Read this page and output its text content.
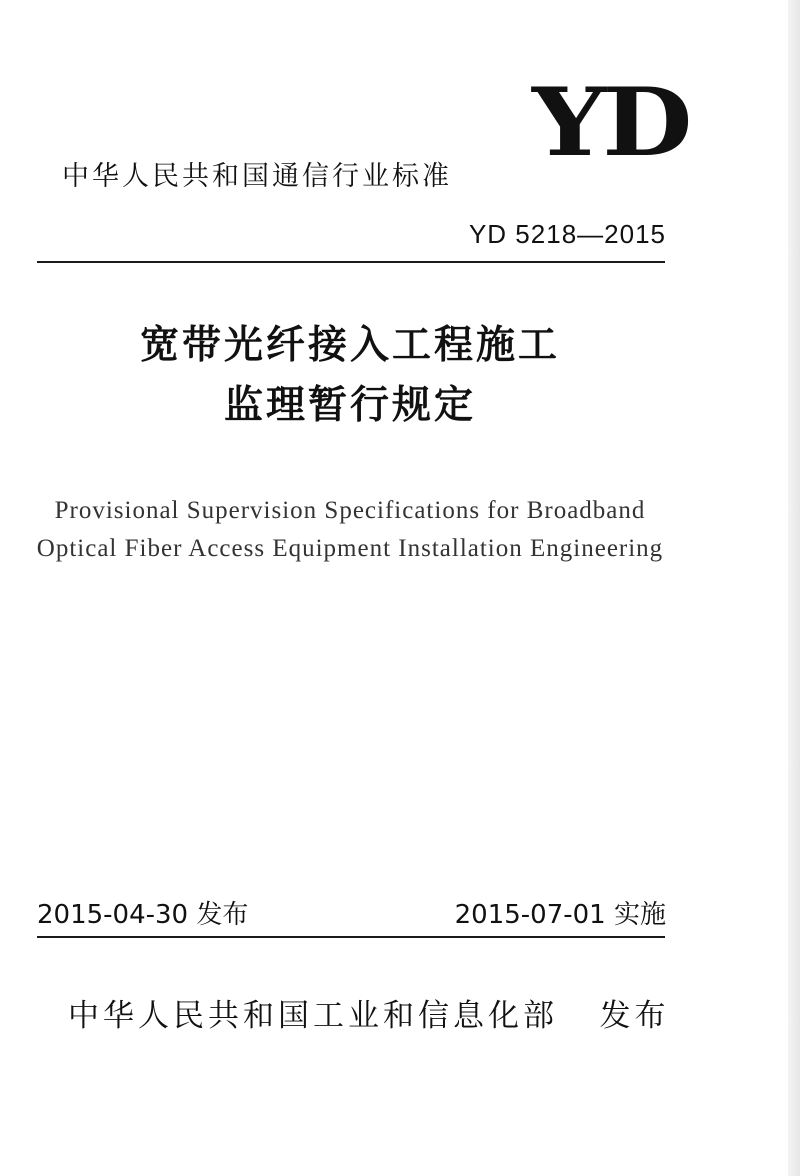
中华人民共和国通信行业标准 YD
YD 5218—2015
宽带光纤接入工程施工
监理暂行规定
Provisional Supervision Specifications for Broadband
Optical Fiber Access Equipment Installation Engineering
2015-04-30 发布	2015-07-01 实施
中华人民共和国工业和信息化部   发布
